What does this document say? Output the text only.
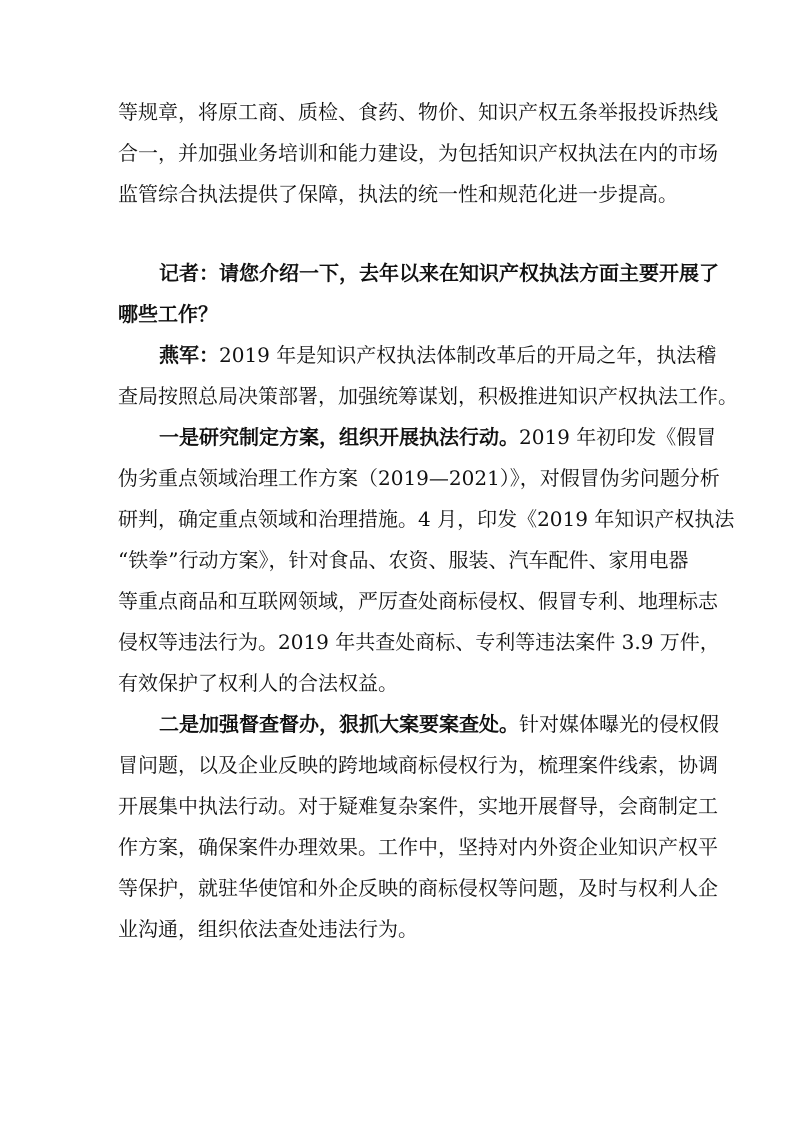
等规章，将原工商、质检、食药、物价、知识产权五条举报投诉热线
合一，并加强业务培训和能力建设，为包括知识产权执法在内的市场
监管综合执法提供了保障，执法的统一性和规范化进一步提高。
记者：请您介绍一下，去年以来在知识产权执法方面主要开展了
哪些工作？
燕军：2019 年是知识产权执法体制改革后的开局之年，执法稽
查局按照总局决策部署，加强统筹谋划，积极推进知识产权执法工作。
一是研究制定方案，组织开展执法行动。2019 年初印发《假冒
伪劣重点领域治理工作方案（2019—2021）》，对假冒伪劣问题分析
研判，确定重点领域和治理措施。4 月，印发《2019 年知识产权执法
“铁拳”行动方案》，针对食品、农资、服装、汽车配件、家用电器
等重点商品和互联网领域，严厉查处商标侵权、假冒专利、地理标志
侵权等违法行为。2019 年共查处商标、专利等违法案件 3.9 万件，
有效保护了权利人的合法权益。
二是加强督查督办，狠抓大案要案查处。针对媒体曝光的侵权假
冒问题，以及企业反映的跨地域商标侵权行为，梳理案件线索，协调
开展集中执法行动。对于疑难复杂案件，实地开展督导，会商制定工
作方案，确保案件办理效果。工作中，坚持对内外资企业知识产权平
等保护，就驻华使馆和外企反映的商标侵权等问题，及时与权利人企
业沟通，组织依法查处违法行为。
